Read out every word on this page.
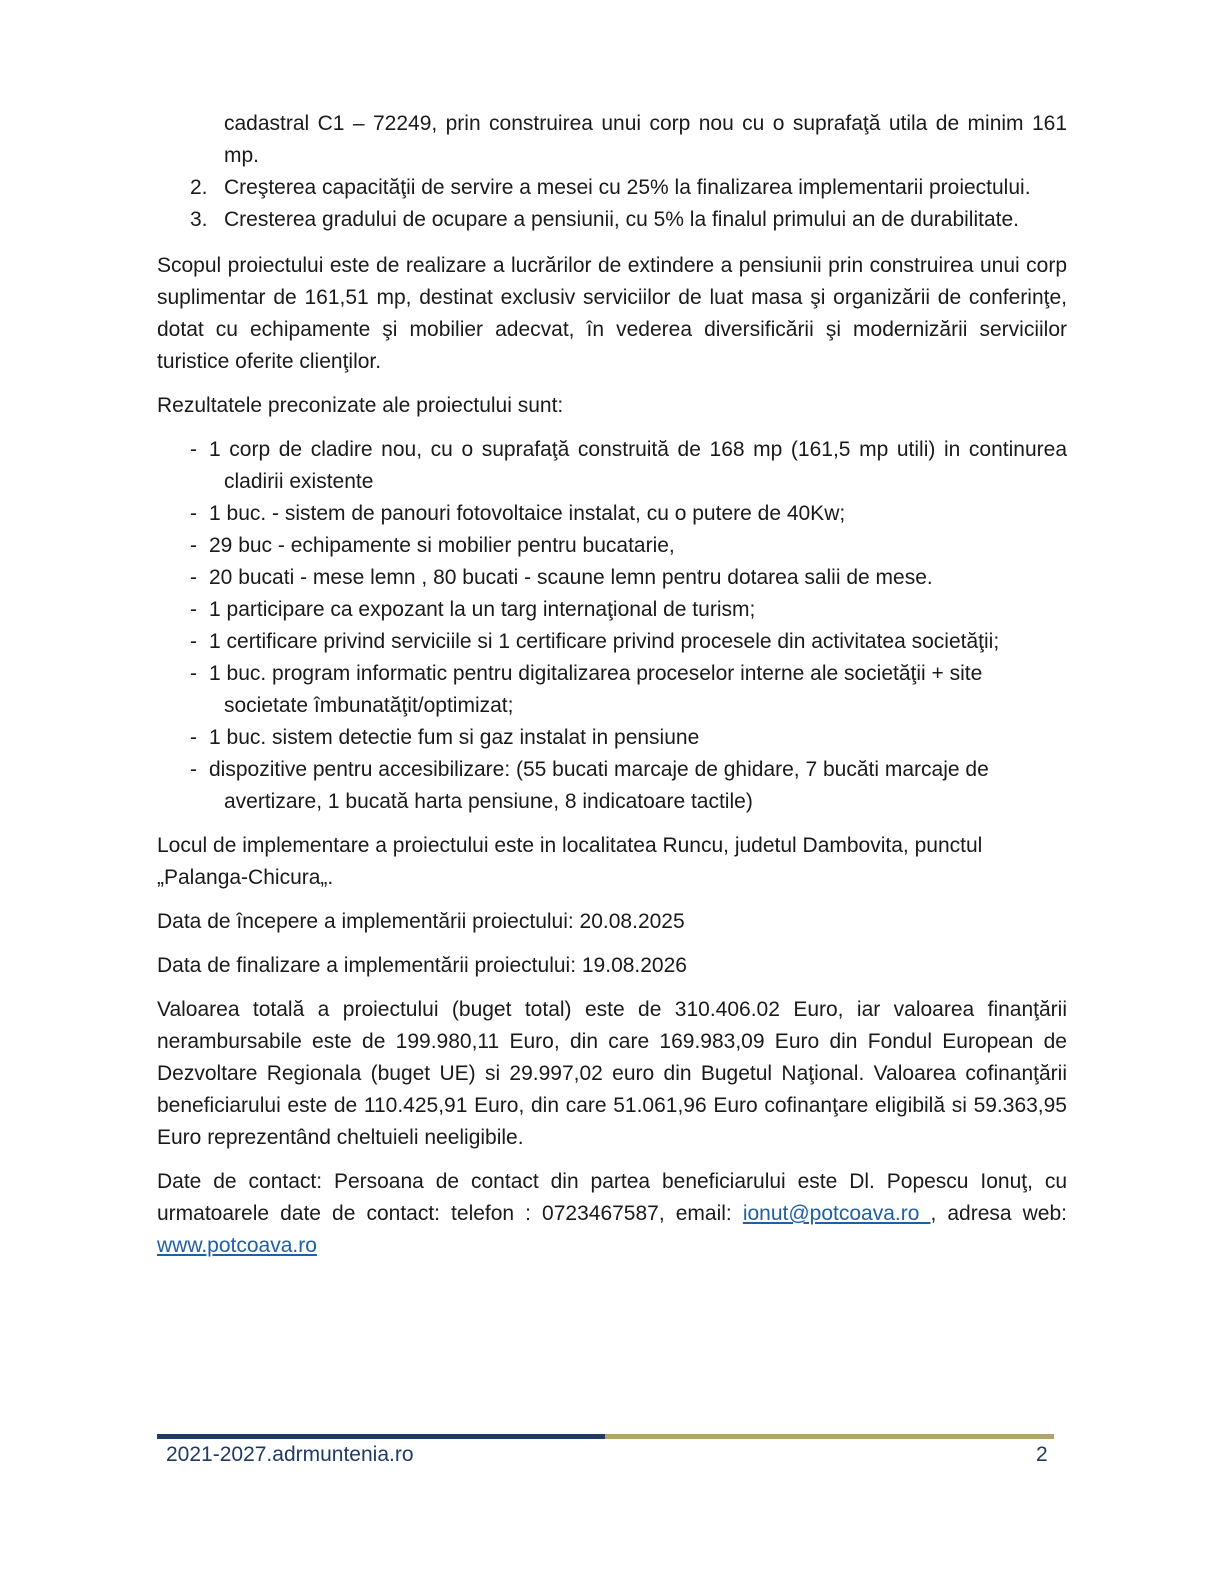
cadastral C1 – 72249, prin construirea unui corp nou cu o suprafaţă utila de minim 161 mp.
2. Creşterea capacităţii de servire a mesei cu 25% la finalizarea implementarii proiectului.
3. Cresterea gradului de ocupare a pensiunii, cu 5% la finalul primului an de durabilitate.

Scopul proiectului este de realizare a lucrărilor de extindere a pensiunii prin construirea unui corp suplimentar de 161,51 mp, destinat exclusiv serviciilor de luat masa şi organizării de conferinţe, dotat cu echipamente şi mobilier adecvat, în vederea diversificării şi modernizării serviciilor turistice oferite clienţilor.

Rezultatele preconizate ale proiectului sunt:

- 1 corp de cladire nou, cu o suprafaţă construită de 168 mp (161,5 mp utili) in continurea cladirii existente
- 1 buc. - sistem de panouri fotovoltaice instalat, cu o putere de 40Kw;
- 29 buc - echipamente si mobilier pentru bucatarie,
- 20 bucati - mese lemn , 80 bucati - scaune lemn pentru dotarea salii de mese.
- 1 participare ca expozant la un targ internaţional de turism;
- 1 certificare privind serviciile si 1 certificare privind procesele din activitatea societăţii;
- 1 buc. program informatic pentru digitalizarea proceselor interne ale societăţii + site societate îmbunatăţit/optimizat;
- 1 buc. sistem detectie fum si gaz instalat in pensiune
- dispozitive pentru accesibilizare: (55 bucati marcaje de ghidare, 7 bucăti marcaje de avertizare, 1 bucată harta pensiune, 8 indicatoare tactile)

Locul de implementare a proiectului este in localitatea Runcu, judetul Dambovita, punctul „Palanga-Chicura„.

Data de începere a implementării proiectului: 20.08.2025

Data de finalizare a implementării proiectului: 19.08.2026

Valoarea totală a proiectului (buget total) este de 310.406.02 Euro, iar valoarea finanţării nerambursabile este de 199.980,11 Euro, din care 169.983,09 Euro din Fondul European de Dezvoltare Regionala (buget UE) si 29.997,02 euro din Bugetul Naţional. Valoarea cofinanţării beneficiarului este de 110.425,91 Euro, din care 51.061,96 Euro cofinanţare eligibilă si 59.363,95 Euro reprezentând cheltuieli neeligibile.

Date de contact: Persoana de contact din partea beneficiarului este Dl. Popescu Ionuţ, cu urmatoarele date de contact: telefon : 0723467587, email: ionut@potcoava.ro , adresa web: www.potcoava.ro

2021-2027.adrmuntenia.ro	2
